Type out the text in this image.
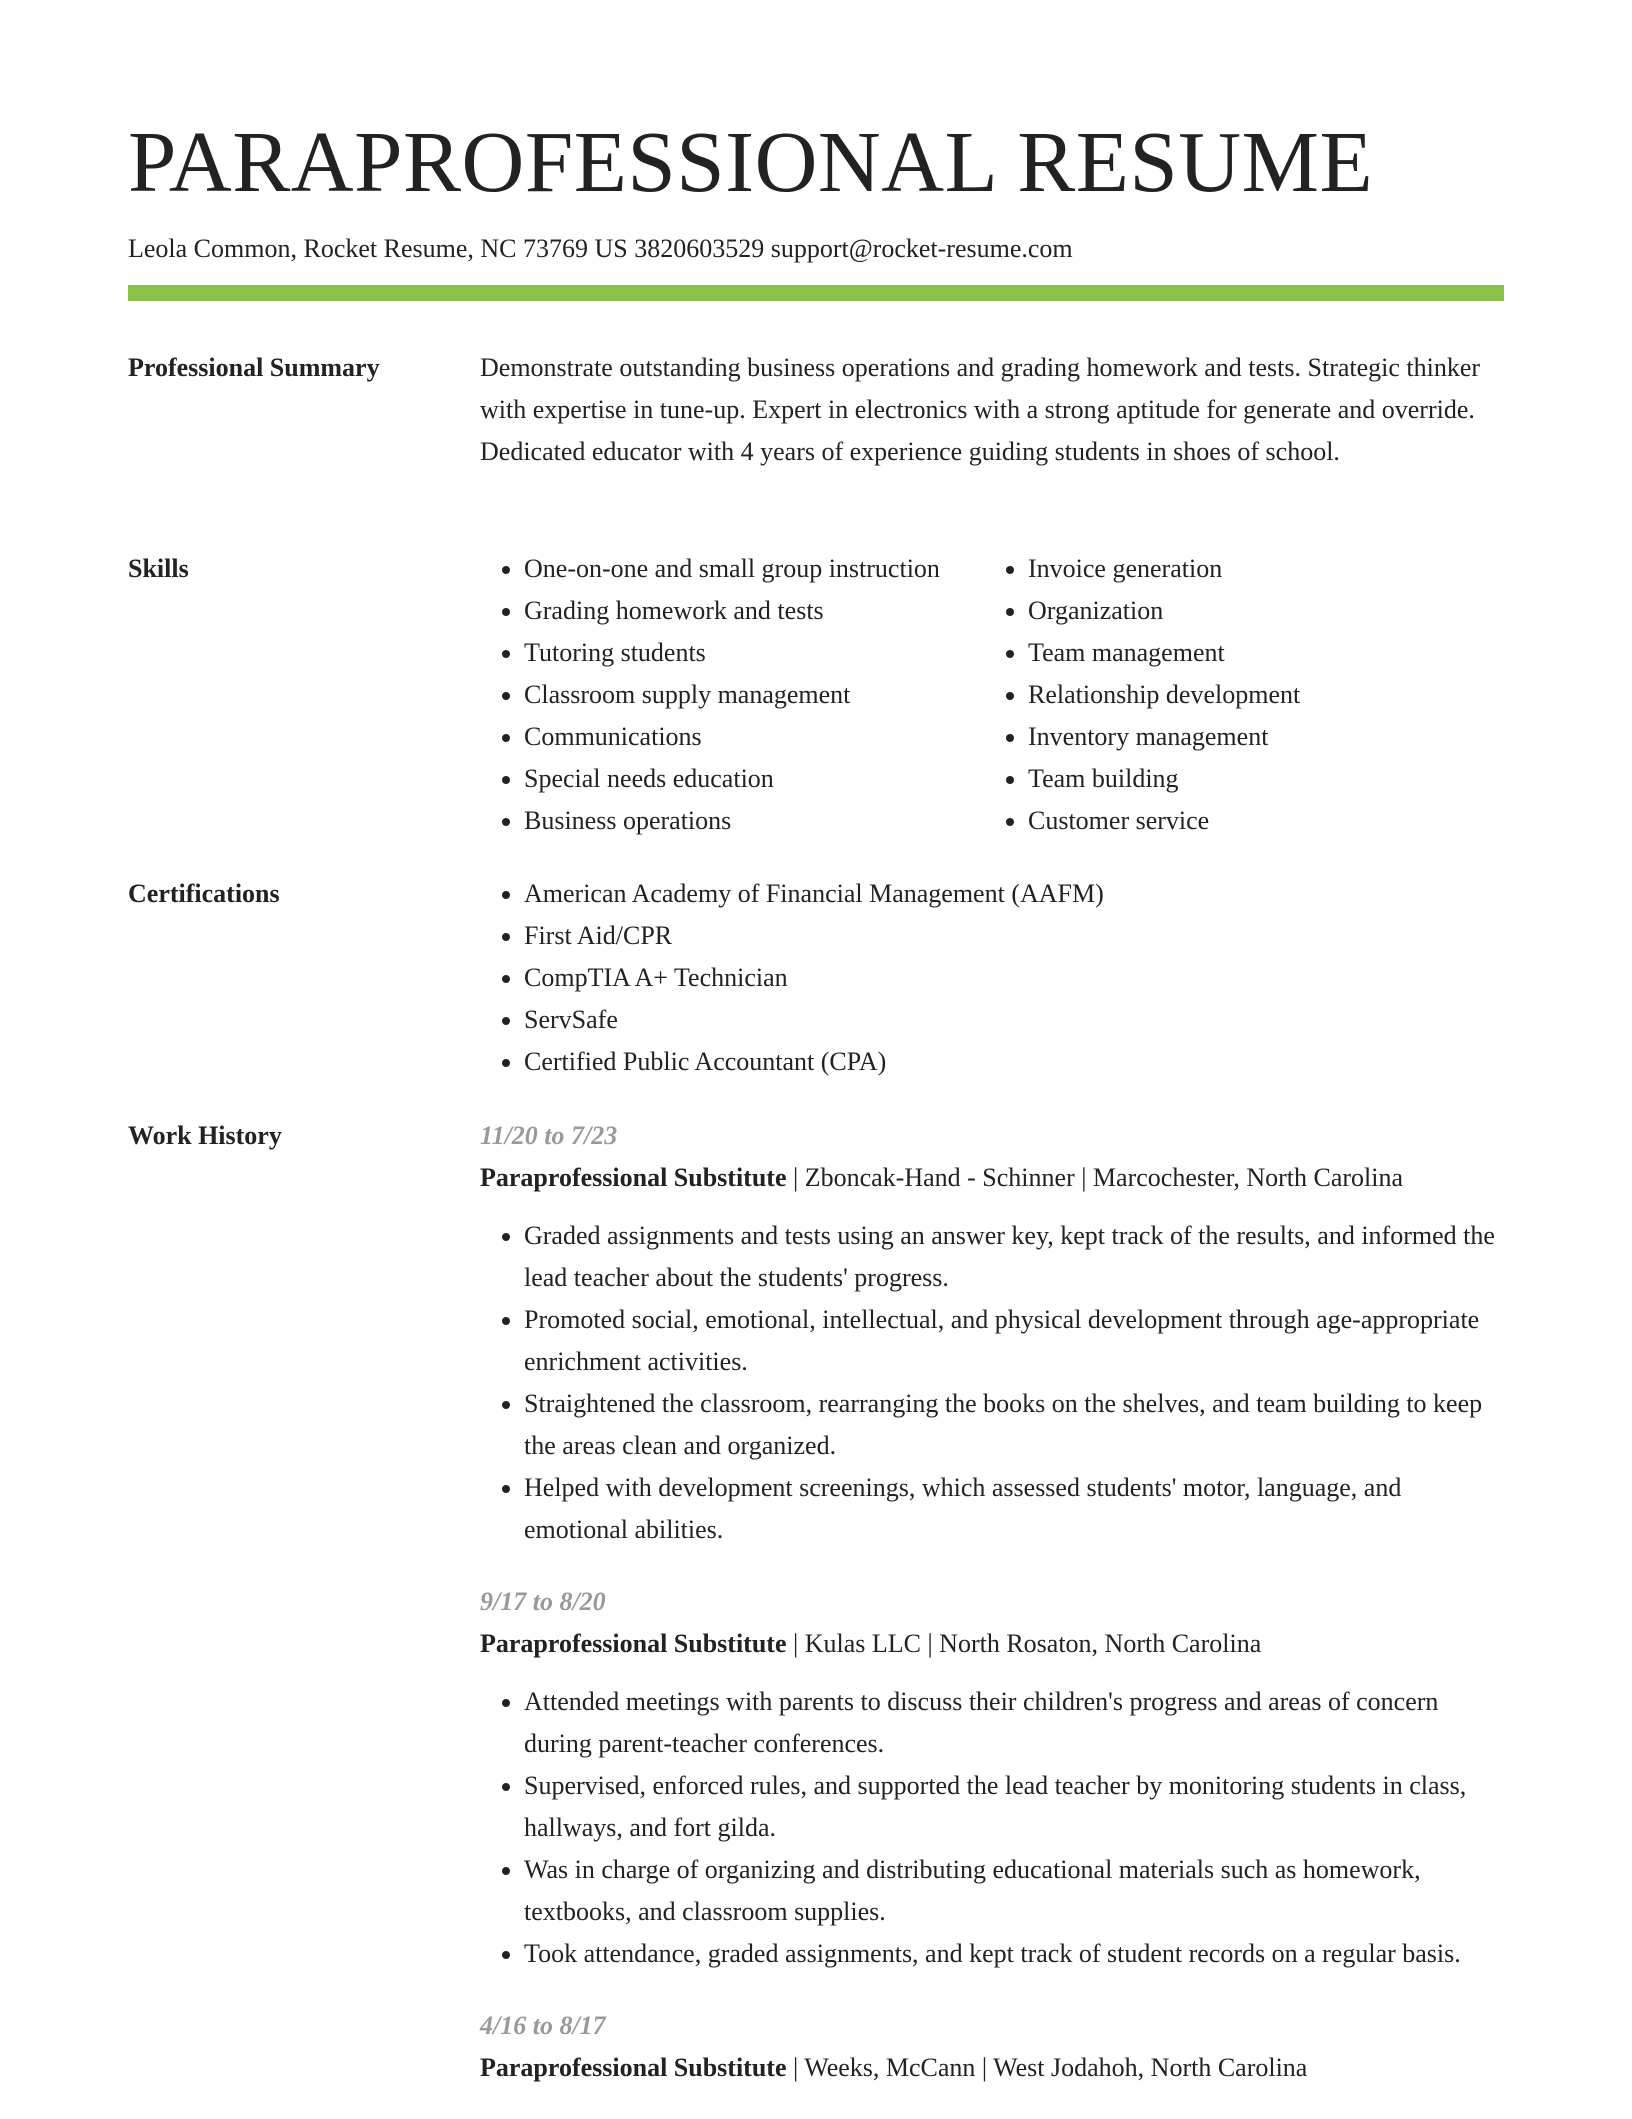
PARAPROFESSIONAL RESUME
Leola Common, Rocket Resume, NC 73769 US 3820603529 support@rocket-resume.com
Professional Summary	Demonstrate outstanding business operations and grading homework and tests. Strategic thinker with expertise in tune-up. Expert in electronics with a strong aptitude for generate and override. Dedicated educator with 4 years of experience guiding students in shoes of school.

Skills	• One-on-one and small group instruction
• Grading homework and tests
• Tutoring students
• Classroom supply management
• Communications
• Special needs education
• Business operations
• Invoice generation
• Organization
• Team management
• Relationship development
• Inventory management
• Team building
• Customer service
Certifications	• American Academy of Financial Management (AAFM)
• First Aid/CPR
• CompTIA A+ Technician
• ServSafe
• Certified Public Accountant (CPA)
Work History	11/20 to 7/23
Paraprofessional Substitute | Zboncak-Hand - Schinner | Marcochester, North Carolina
• Graded assignments and tests using an answer key, kept track of the results, and informed the lead teacher about the students' progress.
• Promoted social, emotional, intellectual, and physical development through age-appropriate enrichment activities.
• Straightened the classroom, rearranging the books on the shelves, and team building to keep the areas clean and organized.
• Helped with development screenings, which assessed students' motor, language, and emotional abilities.
9/17 to 8/20
Paraprofessional Substitute | Kulas LLC | North Rosaton, North Carolina
• Attended meetings with parents to discuss their children's progress and areas of concern during parent-teacher conferences.
• Supervised, enforced rules, and supported the lead teacher by monitoring students in class, hallways, and fort gilda.
• Was in charge of organizing and distributing educational materials such as homework, textbooks, and classroom supplies.
• Took attendance, graded assignments, and kept track of student records on a regular basis.
4/16 to 8/17
Paraprofessional Substitute | Weeks, McCann | West Jodahoh, North Carolina
